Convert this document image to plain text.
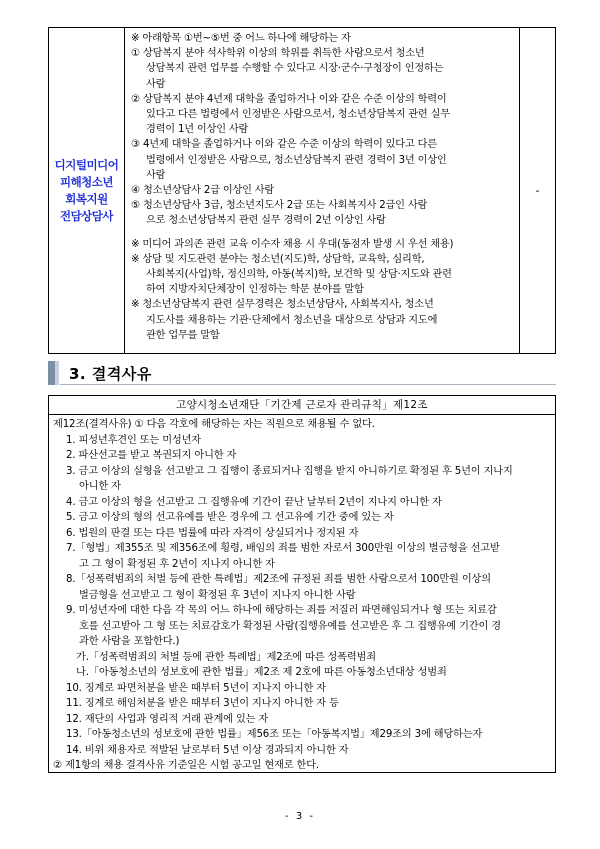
디지털미디어
피해청소년
회복지원
전담상담사
※ 아래항목 ①번~⑤번 중 어느 하나에 해당하는 자
① 상담복지 분야 석사학위 이상의 학위를 취득한 사람으로서 청소년
상담복지 관련 업무를 수행할 수 있다고 시장·군수·구청장이 인정하는
사람
② 상담복지 분야 4년제 대학을 졸업하거나 이와 같은 수준 이상의 학력이
있다고 다른 법령에서 인정받은 사람으로서, 청소년상담복지 관련 실무
경력이 1년 이상인 사람
③ 4년제 대학을 졸업하거나 이와 같은 수준 이상의 학력이 있다고 다른
법령에서 인정받은 사람으로, 청소년상담복지 관련 경력이 3년 이상인
사람
④ 청소년상담사 2급 이상인 사람
⑤ 청소년상담사 3급, 청소년지도사 2급 또는 사회복지사 2급인 사람
으로 청소년상담복지 관련 실무 경력이 2년 이상인 사람
※ 미디어 과의존 관련 교육 이수자 채용 시 우대(동점자 발생 시 우선 채용)
※ 상담 및 지도관련 분야는 청소년(지도)학, 상담학, 교육학, 심리학,
사회복지(사업)학, 정신의학, 아동(복지)학, 보건학 및 상담·지도와 관련
하여 지방자치단체장이 인정하는 학문 분야를 말함
※ 청소년상담복지 관련 실무경력은 청소년상담사, 사회복지사, 청소년
지도사를 채용하는 기관·단체에서 청소년을 대상으로 상담과 지도에
관한 업무를 말함
-
3. 결격사유
고양시청소년재단「기간제 근로자 관리규칙」제12조
제12조(결격사유) ① 다음 각호에 해당하는 자는 직원으로 채용될 수 없다.
1. 피성년후견인 또는 미성년자
2. 파산선고를 받고 복권되지 아니한 자
3. 금고 이상의 실형을 선고받고 그 집행이 종료되거나 집행을 받지 아니하기로 확정된 후 5년이 지나지
아니한 자
4. 금고 이상의 형을 선고받고 그 집행유예 기간이 끝난 날부터 2년이 지나지 아니한 자
5. 금고 이상의 형의 선고유예를 받은 경우에 그 선고유예 기간 중에 있는 자
6. 법원의 판결 또는 다른 법률에 따라 자격이 상실되거나 정지된 자
7.「형법」제355조 및 제356조에 횡령, 배임의 죄를 범한 자로서 300만원 이상의 벌금형을 선고받
고 그 형이 확정된 후 2년이 지나지 아니한 자
8.「성폭력범죄의 처벌 등에 관한 특례법」제2조에 규정된 죄를 범한 사람으로서 100만원 이상의
벌금형을 선고받고 그 형이 확정된 후 3년이 지나지 아니한 사람
9. 미성년자에 대한 다음 각 목의 어느 하나에 해당하는 죄를 저질러 파면해임되거나 형 또는 치료감
호를 선고받아 그 형 또는 치료감호가 확정된 사람(집행유예를 선고받은 후 그 집행유예 기간이 경
과한 사람을 포함한다.)
가.「성폭력범죄의 처벌 등에 관한 특례법」제2조에 따른 성폭력범죄
나.「아동청소년의 성보호에 관한 법률」제2조 제 2호에 따른 아동청소년대상 성범죄
10. 징계로 파면처분을 받은 때부터 5년이 지나지 아니한 자
11. 징계로 해임처분을 받은 때부터 3년이 지나지 아니한 자 등
12. 재단의 사업과 영리적 거래 관계에 있는 자
13.「아동청소년의 성보호에 관한 법률」제56조 또는「아동복지법」제29조의 3에 해당하는자
14. 비위 채용자로 적발된 날로부터 5년 이상 경과되지 아니한 자
② 제1항의 채용 결격사유 기준일은 시험 공고일 현재로 한다.
- 3 -
